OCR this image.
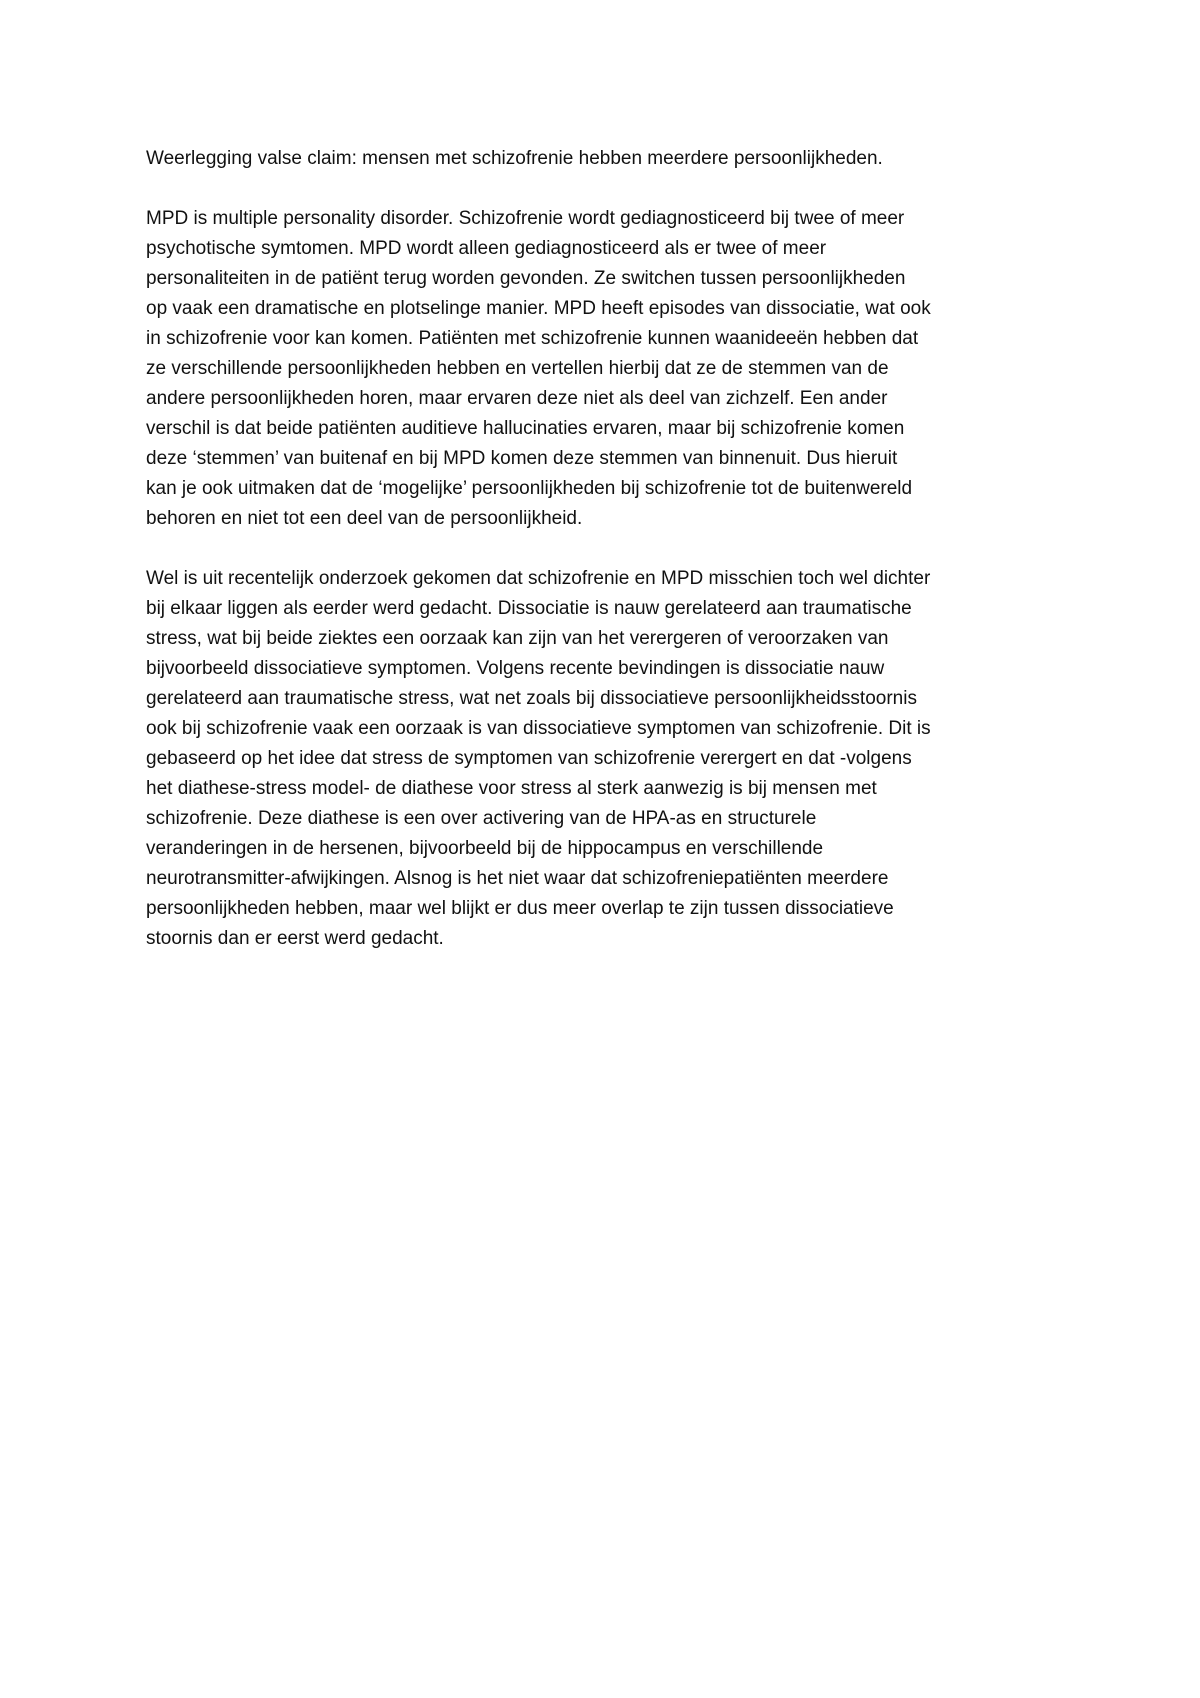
Weerlegging valse claim: mensen met schizofrenie hebben meerdere persoonlijkheden.

MPD is multiple personality disorder. Schizofrenie wordt gediagnosticeerd bij twee of meer
psychotische symtomen. MPD wordt alleen gediagnosticeerd als er twee of meer
personaliteiten in de patiënt terug worden gevonden. Ze switchen tussen persoonlijkheden
op vaak een dramatische en plotselinge manier. MPD heeft episodes van dissociatie, wat ook
in schizofrenie voor kan komen. Patiënten met schizofrenie kunnen waanideeën hebben dat
ze verschillende persoonlijkheden hebben en vertellen hierbij dat ze de stemmen van de
andere persoonlijkheden horen, maar ervaren deze niet als deel van zichzelf. Een ander
verschil is dat beide patiënten auditieve hallucinaties ervaren, maar bij schizofrenie komen
deze ‘stemmen’ van buitenaf en bij MPD komen deze stemmen van binnenuit. Dus hieruit
kan je ook uitmaken dat de ‘mogelijke’ persoonlijkheden bij schizofrenie tot de buitenwereld
behoren en niet tot een deel van de persoonlijkheid.

Wel is uit recentelijk onderzoek gekomen dat schizofrenie en MPD misschien toch wel dichter
bij elkaar liggen als eerder werd gedacht. Dissociatie is nauw gerelateerd aan traumatische
stress, wat bij beide ziektes een oorzaak kan zijn van het verergeren of veroorzaken van
bijvoorbeeld dissociatieve symptomen. Volgens recente bevindingen is dissociatie nauw
gerelateerd aan traumatische stress, wat net zoals bij dissociatieve persoonlijkheidsstoornis
ook bij schizofrenie vaak een oorzaak is van dissociatieve symptomen van schizofrenie. Dit is
gebaseerd op het idee dat stress de symptomen van schizofrenie verergert en dat -volgens
het diathese-stress model- de diathese voor stress al sterk aanwezig is bij mensen met
schizofrenie. Deze diathese is een over activering van de HPA-as en structurele
veranderingen in de hersenen, bijvoorbeeld bij de hippocampus en verschillende
neurotransmitter-afwijkingen. Alsnog is het niet waar dat schizofreniepatiënten meerdere
persoonlijkheden hebben, maar wel blijkt er dus meer overlap te zijn tussen dissociatieve
stoornis dan er eerst werd gedacht.
